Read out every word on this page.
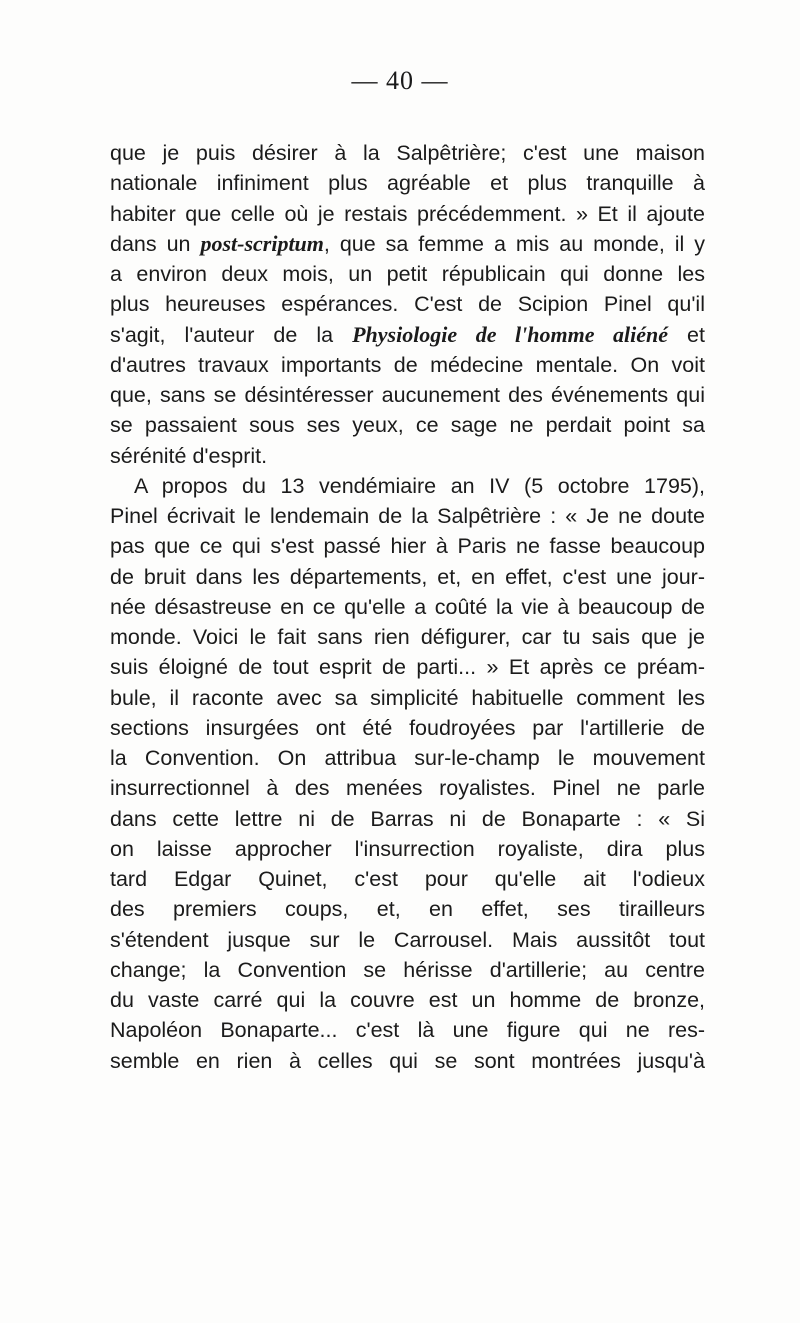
— 40 —
que je puis désirer à la Salpêtrière; c'est une maison
nationale infiniment plus agréable et plus tranquille à
habiter que celle où je restais précédemment. » Et il ajoute
dans un post-scriptum, que sa femme a mis au monde, il y
a environ deux mois, un petit républicain qui donne les
plus heureuses espérances. C'est de Scipion Pinel qu'il
s'agit, l'auteur de la Physiologie de l'homme aliéné et
d'autres travaux importants de médecine mentale. On voit
que, sans se désintéresser aucunement des événements qui
se passaient sous ses yeux, ce sage ne perdait point sa
sérénité d'esprit.
A propos du 13 vendémiaire an IV (5 octobre 1795),
Pinel écrivait le lendemain de la Salpêtrière : « Je ne doute
pas que ce qui s'est passé hier à Paris ne fasse beaucoup
de bruit dans les départements, et, en effet, c'est une jour-
née désastreuse en ce qu'elle a coûté la vie à beaucoup de
monde. Voici le fait sans rien défigurer, car tu sais que je
suis éloigné de tout esprit de parti... » Et après ce préam-
bule, il raconte avec sa simplicité habituelle comment les
sections insurgées ont été foudroyées par l'artillerie de
la Convention. On attribua sur-le-champ le mouvement
insurrectionnel à des menées royalistes. Pinel ne parle
dans cette lettre ni de Barras ni de Bonaparte : « Si
on laisse approcher l'insurrection royaliste, dira plus
tard Edgar Quinet, c'est pour qu'elle ait l'odieux
des premiers coups, et, en effet, ses tirailleurs
s'étendent jusque sur le Carrousel. Mais aussitôt tout
change; la Convention se hérisse d'artillerie; au centre
du vaste carré qui la couvre est un homme de bronze,
Napoléon Bonaparte... c'est là une figure qui ne res-
semble en rien à celles qui se sont montrées jusqu'à
